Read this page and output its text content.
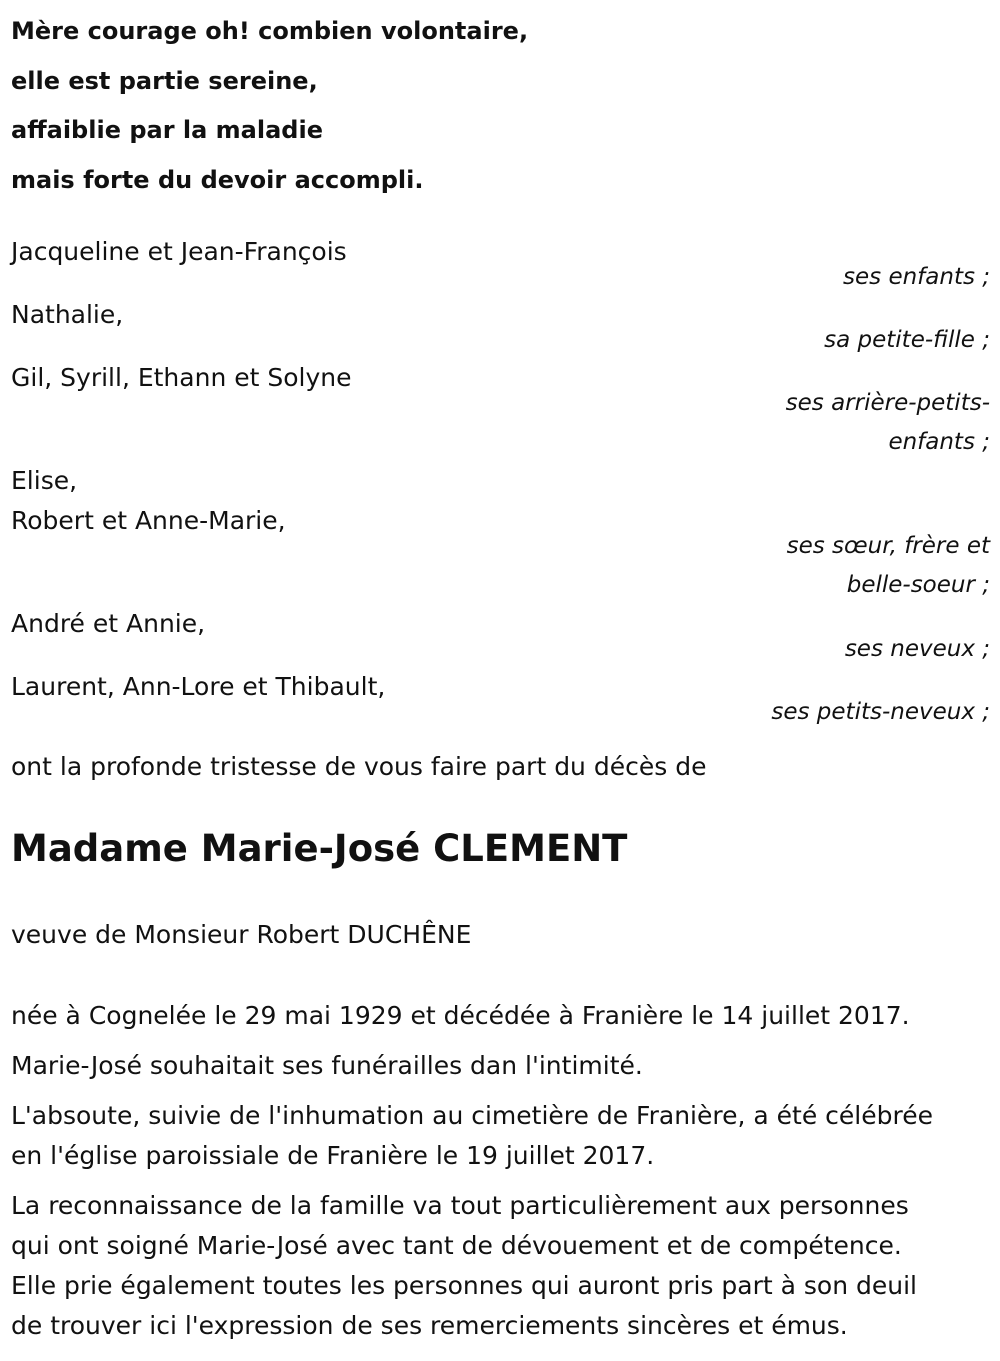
Mère courage oh! combien volontaire,
elle est partie sereine,
affaiblie par la maladie
mais forte du devoir accompli.
Jacqueline et Jean-François
ses enfants ;
Nathalie,
sa petite-fille ;
Gil, Syrill, Ethann et Solyne
ses arrière-petits-
enfants ;
Elise,
Robert et Anne-Marie,
ses sœur, frère et
belle-soeur ;
André et Annie,
ses neveux ;
Laurent, Ann-Lore et Thibault,
ses petits-neveux ;
ont la profonde tristesse de vous faire part du décès de
Madame Marie-José CLEMENT
veuve de Monsieur Robert DUCHÊNE
née à Cognelée le 29 mai 1929 et décédée à Franière le 14 juillet 2017.
Marie-José souhaitait ses funérailles dan l'intimité.
L'absoute, suivie de l'inhumation au cimetière de Franière, a été célébrée
en l'église paroissiale de Franière le 19 juillet 2017.
La reconnaissance de la famille va tout particulièrement aux personnes
qui ont soigné Marie-José avec tant de dévouement et de compétence.
Elle prie également toutes les personnes qui auront pris part à son deuil
de trouver ici l'expression de ses remerciements sincères et émus.
